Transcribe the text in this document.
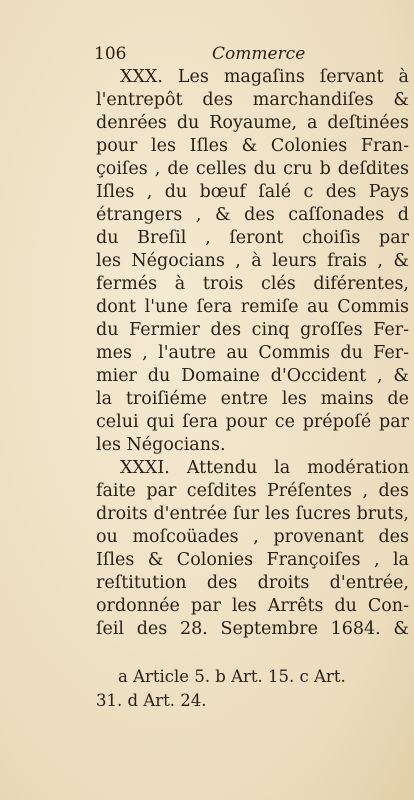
106	Commerce
XXX. Les magaſins ſervant à
l'entrepôt des marchandiſes &
denrées du Royaume, a deſtinées
pour les Iſles & Colonies Fran-
çoiſes , de celles du cru b deſdites
Iſles , du bœuf ſalé c des Pays
étrangers , & des caſſonades d
du Breſil , ſeront choiſis par
les Négocians , à leurs frais , &
fermés à trois clés diférentes,
dont l'une ſera remiſe au Commis
du Fermier des cinq groſſes Fer-
mes , l'autre au Commis du Fer-
mier du Domaine d'Occident , &
la troiſiéme entre les mains de
celui qui ſera pour ce prépoſé par
les Négocians.
XXXI. Attendu la modération
faite par ceſdites Préſentes , des
droits d'entrée ſur les ſucres bruts,
ou moſcoüades , provenant des
Iſles & Colonies Françoiſes , la
reſtitution des droits d'entrée,
ordonnée par les Arrêts du Con-
ſeil des 28. Septembre 1684. &
a Article 5. b Art. 15. c Art.
31. d Art. 24.
